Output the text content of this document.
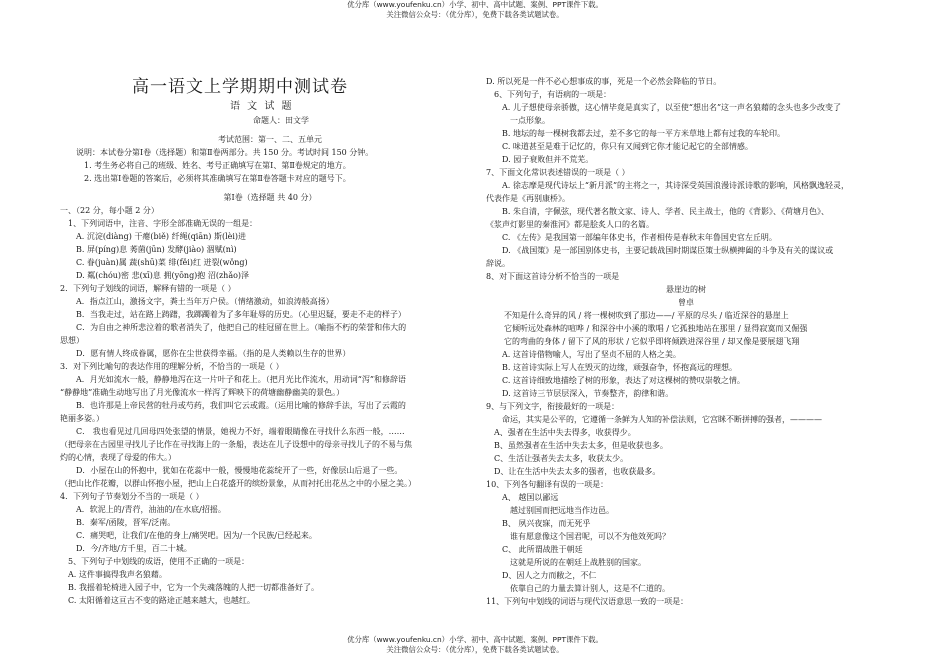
优分库（www.youfenku.cn）小学、初中、高中试题、案例、PPT课件下载。
关注微信公众号：（优分库），免费下载各类试题试卷。

高一语文上学期期中测试卷

语 文 试 题

命题人：田文学

考试范围：第一、二、五单元

说明：本试卷分第Ⅰ卷（选择题）和第Ⅱ卷两部分。共 150 分。考试时间 150 分钟。

1. 考生务必将自己的班级、姓名、考号正确填写在第Ⅰ、第Ⅱ卷规定的地方。

2. 选出第Ⅰ卷题的答案后，必须将其准确填写在第Ⅱ卷答题卡对应的题号下。

第Ⅰ卷（选择题 共 40 分）

一、（22 分，每小题 2 分）

1、下列词语中，注音、字形全部准确无误的一组是：

A. 沉淀(diàng) 干瘪(biě) 纤绳(qiān) 斯(lèi)进

B. 屏(píng)息 莠菌(jūn) 发酵(jiào) 涸赋(nì)

C. 眷(juàn)属 蔬(shū)菜 绯(fěi)红 迸裂(wǒng)

D. 粼(chóu)密 悲(xī)息 拥(yōng)抱 沼(zhǎo)泽

2．下列句子划线的词语，解释有错的一项是（ ）

A．指点江山，激扬文字，粪土当年万户侯。（情绪激动，如浪涛般高扬）

B．当我走过，站在路上踌躇，我踯躅着为了多年耻辱的历史。（心里迟疑，要走不走的样子）

C．为自由之神所悲泣着的歌者消失了，他把自己的桂冠留在世上。（喻指不朽的荣誉和伟大的

思想）

D．愿有情人终成眷属，愿你在尘世获得幸福。（指的是人类赖以生存的世界）

3．对下列比喻句的表达作用的理解分析，不恰当的一项是（ ）

A．月光如流水一般，静静地泻在这一片叶子和花上。（把月光比作流水，用动词“泻”和修辞语

“静静地”准确生动地写出了月光像流水一样泻了辉映下的荷塘幽静幽美的景色。）

B．也许那是上帝民营的牡丹或芍药，我们叫它云或霞。（运用比喻的修辞手法，写出了云霞的

艳丽多姿。）

C． 我也看见过几回母四处张望的情景，她视力不好，端着眼睛像在寻找什么东西一般，……

（把母亲在古园里寻找儿子比作在寻找海上的一条船，表达在儿子设想中的母亲寻找儿子的不易与焦

灼的心情，表现了母爱的伟大。）

D．小屋在山的怀抱中，犹如在花蕊中一般，慢慢地花蕊绽开了一些，好像层山后退了一些。

（把山比作花瓣，以群山怀抱小屋，把山上白花盛开的缤纷景象，从而衬托出花丛之中的小屋之美。）

4．下列句子节奏划分不当的一项是（ ）

A．软泥上的/青荇，油油的/在水底/招摇。

B．秦军/函陵，晋军/泛南。

C．痛哭吧，让我们/在他的身上/痛哭吧。因为/一个民族/已经起来。

D．今/齐地/方千里，百二十城。

5、下列句子中划线的成语，使用不正确的一项是：

A. 这件事搞得我声名狼藉。

B. 我摇着轮椅进入园子中，它为一个失魂落魄的人把一切都准备好了。

C. 太阳循着这亘古不变的路途正越来越大，也越红。

D. 所以死是一件不必心想事成的事，死是一个必然会降临的节日。

6、下列句子，有语病的一项是：

A. 儿子想使母亲骄傲，这心情毕竟是真实了，以至使“想出名”这一声名狼藉的念头也多少改变了

一点形象。

B. 地坛的每一棵树我都去过，差不多它的每一平方米草地上都有过我的车轮印。

C. 味道甚至是难于记忆的，你只有又闻到它你才能记起它的全部情感。

D. 园子衰败但并不荒芜。

7、下面文化常识表述错误的一项是（ ）

A. 徐志摩是现代诗坛上“新月派”的主将之一，其诗深受英国浪漫诗派诗歌的影响，风格飘逸轻灵，

代表作是《再别康桥》。

B. 朱自清，字佩弦，现代著名散文家、诗人、学者、民主战士，他的《背影》、《荷塘月色》、

《浆声灯影里的秦淮河》都是脍炙人口的名篇。

C. 《左传》是我国第一部编年体史书，作者相传是春秋末年鲁国史官左丘明。

D. 《战国策》是一部国别体史书，主要记载战国时期谋臣策士纵横捭阖的斗争及有关的谋议或

辞说。

8、对下面这首诗分析不恰当的一项是

悬崖边的树

曾卓

不知是什么奇异的风 / 将一棵树吹到了那边——/ 平原的尽头 / 临近深谷的悬崖上

它倾听远处森林的喧哗 / 和深谷中小溪的歌唱 / 它孤独地站在那里 / 显得寂寞而又倔强

它的弯曲的身体 / 留下了风的形状 / 它似乎即将倾跌进深谷里 / 却又像是要展翅飞翔

A. 这首诗借物喻人，写出了坚贞不屈的人格之美。

B. 这首诗实际上写人在毁灭的边缘，顽强奋争，怀抱高远的理想。

C. 这首诗细致地描绘了树的形象，表达了对这棵树的赞叹崇敬之情。

D. 这首诗三节层层深入，节奏整齐，韵律和谐。

9、与下列文字，衔接最好的一项是：

命运，其实是公平的，它遵循一条鲜为人知的补偿法则，它宫眯不断拼搏的强者，————

A、强者在生活中失去得多，收获得少。

B、虽然强者在生活中失去太多，但是收获也多。

C、生活让强者失去太多，收获太少。

D、让在生活中失去太多的强者，也收获最多。

10、下列各句翻译有误的一项是：

A、 越国以鄙远

越过别国而把远地当作边邑。

B、 夙兴夜寐，而无死乎

谁有愿意像这个国君呢，可以不为他效死吗？

C、 此所谓战胜于朝廷

这就是所说的在朝廷上战胜别的国家。

D、因人之力而敝之，不仁

依靠自己的力量去算计别人，这是不仁道的。

11、下列句中划线的词语与现代汉语意思一致的一项是：

优分库（www.youfenku.cn）小学、初中、高中试题、案例、PPT课件下载。
关注微信公众号：（优分库），免费下载各类试题试卷。
